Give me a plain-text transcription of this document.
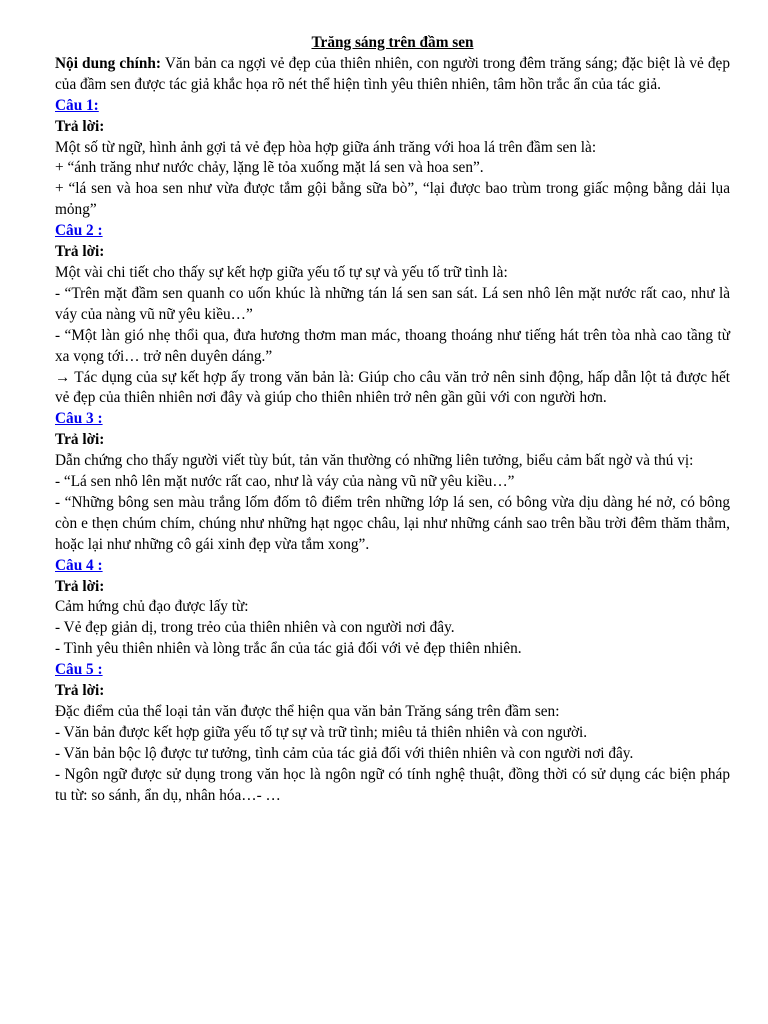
Trăng sáng trên đầm sen
Nội dung chính: Văn bản ca ngợi vẻ đẹp của thiên nhiên, con người trong đêm trăng sáng; đặc biệt là vẻ đẹp của đầm sen được tác giả khắc họa rõ nét thể hiện tình yêu thiên nhiên, tâm hồn trắc ẩn của tác giả.
Câu 1:
Trả lời:
Một số từ ngữ, hình ảnh gợi tả vẻ đẹp hòa hợp giữa ánh trăng với hoa lá trên đầm sen là:
+ “ánh trăng như nước chảy, lặng lẽ tỏa xuống mặt lá sen và hoa sen”.
+ “lá sen và hoa sen như vừa được tắm gội bằng sữa bò”, “lại được bao trùm trong giấc mộng bằng dải lụa mỏng”
Câu 2 :
Trả lời:
Một vài chi tiết cho thấy sự kết hợp giữa yếu tố tự sự và yếu tố trữ tình là:
- “Trên mặt đầm sen quanh co uốn khúc là những tán lá sen san sát. Lá sen nhô lên mặt nước rất cao, như là váy của nàng vũ nữ yêu kiều…”
- “Một làn gió nhẹ thổi qua, đưa hương thơm man mác, thoang thoáng như tiếng hát trên tòa nhà cao tầng từ xa vọng tới… trở nên duyên dáng.”
→ Tác dụng của sự kết hợp ấy trong văn bản là: Giúp cho câu văn trở nên sinh động, hấp dẫn lột tả được hết vẻ đẹp của thiên nhiên nơi đây và giúp cho thiên nhiên trở nên gần gũi với con người hơn.
Câu 3 :
Trả lời:
Dẫn chứng cho thấy người viết tùy bút, tản văn thường có những liên tưởng, biểu cảm bất ngờ và thú vị:
- “Lá sen nhô lên mặt nước rất cao, như là váy của nàng vũ nữ yêu kiều…”
- “Những bông sen màu trắng lốm đốm tô điểm trên những lớp lá sen, có bông vừa dịu dàng hé nở, có bông còn e thẹn chúm chím, chúng như những hạt ngọc châu, lại như những cánh sao trên bầu trời đêm thăm thẳm, hoặc lại như những cô gái xinh đẹp vừa tắm xong”.
Câu 4 :
Trả lời:
Cảm hứng chủ đạo được lấy từ:
- Vẻ đẹp giản dị, trong trẻo của thiên nhiên và con người nơi đây.
- Tình yêu thiên nhiên và lòng trắc ẩn của tác giả đối với vẻ đẹp thiên nhiên.
Câu 5 :
Trả lời:
Đặc điểm của thể loại tản văn được thể hiện qua văn bản Trăng sáng trên đầm sen:
- Văn bản được kết hợp giữa yếu tố tự sự và trữ tình; miêu tả thiên nhiên và con người.
- Văn bản bộc lộ được tư tưởng, tình cảm của tác giả đối với thiên nhiên và con người nơi đây.
- Ngôn ngữ được sử dụng trong văn học là ngôn ngữ có tính nghệ thuật, đồng thời có sử dụng các biện pháp tu từ: so sánh, ẩn dụ, nhân hóa…- …
